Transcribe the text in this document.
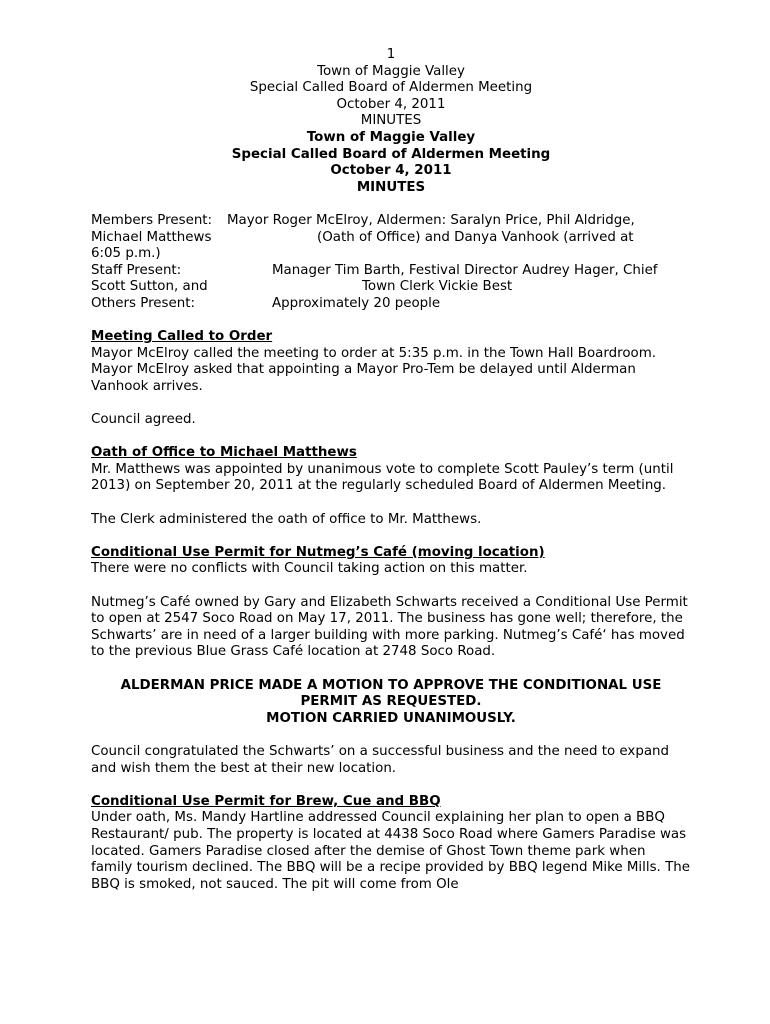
1
Town of Maggie Valley
Special Called Board of Aldermen Meeting
October 4, 2011
MINUTES
Town of Maggie Valley
Special Called Board of Aldermen Meeting
October 4, 2011
MINUTES
Members Present: Mayor Roger McElroy, Aldermen: Saralyn Price, Phil Aldridge,
Michael Matthews	(Oath of Office) and Danya Vanhook (arrived at
6:05 p.m.)
Staff Present:	Manager Tim Barth, Festival Director Audrey Hager, Chief
Scott Sutton, and	Town Clerk Vickie Best
Others Present:	Approximately 20 people
Meeting Called to Order

Mayor McElroy called the meeting to order at 5:35 p.m. in the Town Hall Boardroom. Mayor McElroy asked that appointing a Mayor Pro-Tem be delayed until Alderman Vanhook arrives.

Council agreed.

Oath of Office to Michael Matthews

Mr. Matthews was appointed by unanimous vote to complete Scott Pauley’s term (until 2013) on September 20, 2011 at the regularly scheduled Board of Aldermen Meeting.

The Clerk administered the oath of office to Mr. Matthews.

Conditional Use Permit for Nutmeg’s Café (moving location)

There were no conflicts with Council taking action on this matter.

Nutmeg’s Café owned by Gary and Elizabeth Schwarts received a Conditional Use Permit to open at 2547 Soco Road on May 17, 2011. The business has gone well; therefore, the Schwarts’ are in need of a larger building with more parking. Nutmeg’s Café‘ has moved to the previous Blue Grass Café location at 2748 Soco Road.

ALDERMAN PRICE MADE A MOTION TO APPROVE THE CONDITIONAL USE PERMIT AS REQUESTED.
MOTION CARRIED UNANIMOUSLY.

Council congratulated the Schwarts’ on a successful business and the need to expand and wish them the best at their new location.

Conditional Use Permit for Brew, Cue and BBQ

Under oath, Ms. Mandy Hartline addressed Council explaining her plan to open a BBQ Restaurant/ pub. The property is located at 4438 Soco Road where Gamers Paradise was located. Gamers Paradise closed after the demise of Ghost Town theme park when family tourism declined. The BBQ will be a recipe provided by BBQ legend Mike Mills. The BBQ is smoked, not sauced. The pit will come from Ole
